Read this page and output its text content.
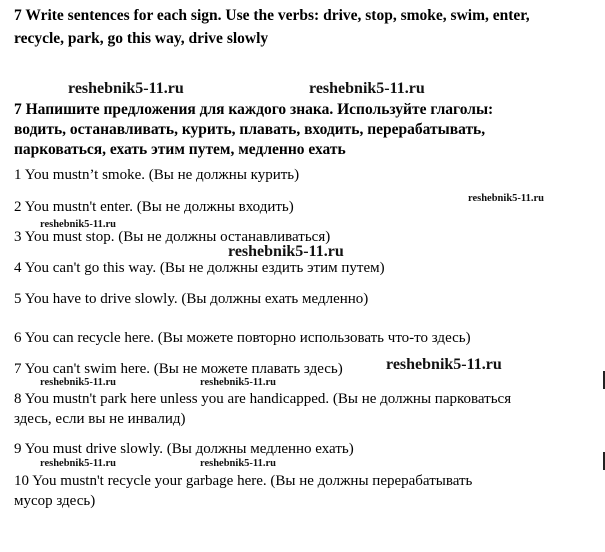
7 Write sentences for each sign. Use the verbs: drive, stop, smoke, swim, enter,
recycle, park, go this way, drive slowly
reshebnik5-11.ru	reshebnik5-11.ru
7 Напишите предложения для каждого знака. Используйте глаголы:
водить, останавливать, курить, плавать, входить, перерабатывать,
парковаться, ехать этим путем, медленно ехать
1 You mustn’t smoke. (Вы не должны курить)
reshebnik5-11.ru
2 You mustn't enter. (Вы не должны входить)
reshebnik5-11.ru
3 You must stop. (Вы не должны останавливаться)
reshebnik5-11.ru
4 You can't go this way. (Вы не должны ездить этим путем)
5 You have to drive slowly. (Вы должны ехать медленно)
6 You can recycle here. (Вы можете повторно использовать что-то здесь)
7 You can't swim here. (Вы не можете плавать здесь)	reshebnik5-11.ru
reshebnik5-11.ru	reshebnik5-11.ru
8 You mustn't park here unless you are handicapped. (Вы не должны парковаться
здесь, если вы не инвалид)
9 You must drive slowly. (Вы должны медленно ехать)
reshebnik5-11.ru	reshebnik5-11.ru
10 You mustn't recycle your garbage here. (Вы не должны перерабатывать
мусор здесь)
